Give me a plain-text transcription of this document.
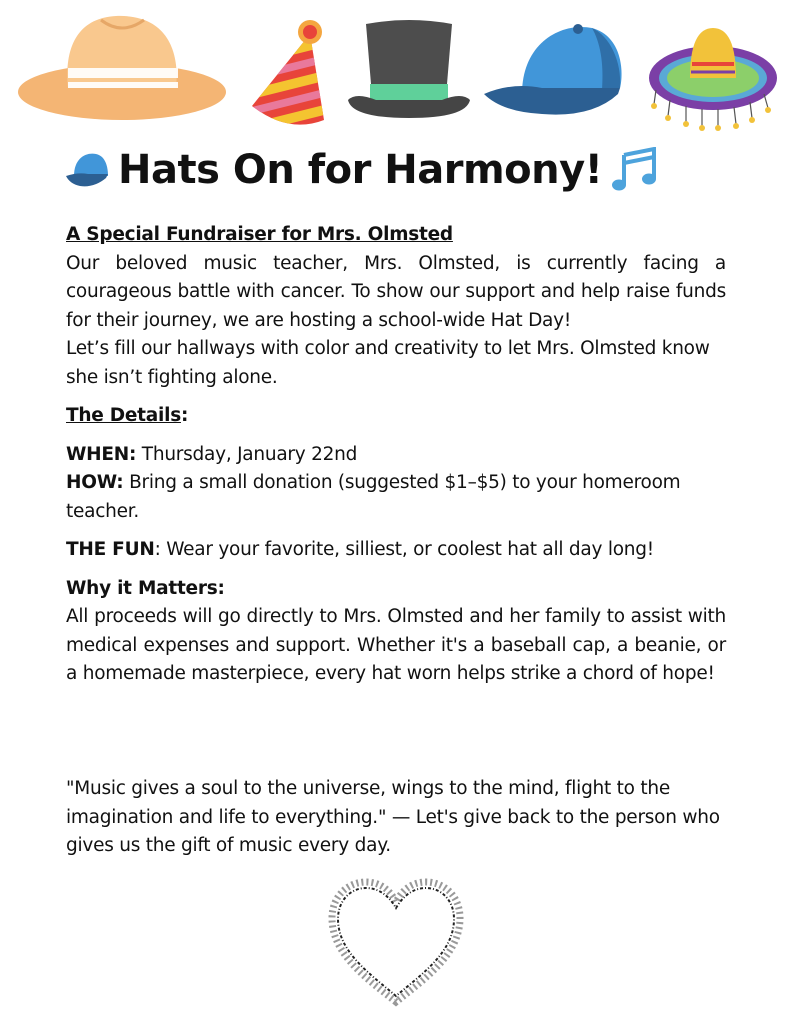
Hats On for Harmony!

A Special Fundraiser for Mrs. Olmsted

Our beloved music teacher, Mrs. Olmsted, is currently facing a courageous battle with cancer. To show our support and help raise funds for their journey, we are hosting a school-wide Hat Day!

Let’s fill our hallways with color and creativity to let Mrs. Olmsted know she isn’t fighting alone.

The Details:

WHEN: Thursday, January 22nd

HOW: Bring a small donation (suggested $1–$5) to your homeroom teacher.

THE FUN: Wear your favorite, silliest, or coolest hat all day long!

Why it Matters:

All proceeds will go directly to Mrs. Olmsted and her family to assist with medical expenses and support. Whether it's a baseball cap, a beanie, or a homemade masterpiece, every hat worn helps strike a chord of hope!

"Music gives a soul to the universe, wings to the mind, flight to the imagination and life to everything." — Let's give back to the person who gives us the gift of music every day.
